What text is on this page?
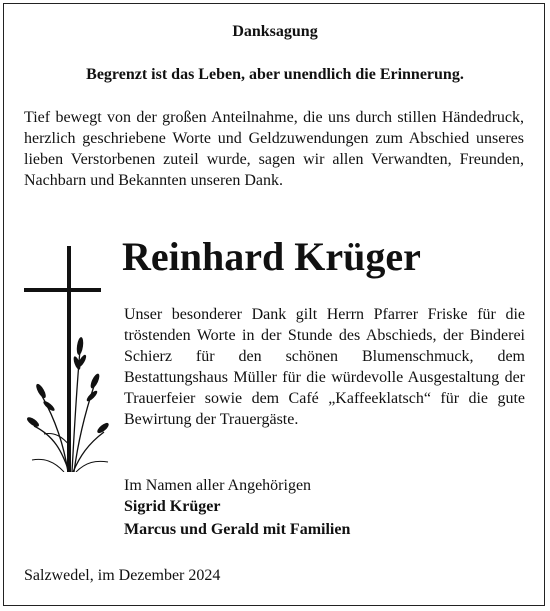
Danksagung
Begrenzt ist das Leben, aber unendlich die Erinnerung.

Tief bewegt von der großen Anteilnahme, die uns durch stillen Händedruck, herzlich geschriebene Worte und Geldzuwendungen zum Abschied unseres lieben Verstorbenen zuteil wurde, sagen wir allen Verwandten, Freunden, Nachbarn und Bekannten unseren Dank.

Reinhard Krüger

Unser besonderer Dank gilt Herrn Pfarrer Friske für die tröstenden Worte in der Stunde des Abschieds, der Binderei Schierz für den schönen Blumenschmuck, dem Bestattungshaus Müller für die würdevolle Ausgestaltung der Trauerfeier sowie dem Café „Kaffeeklatsch“ für die gute Bewirtung der Trauergäste.

Im Namen aller Angehörigen
Sigrid Krüger
Marcus und Gerald mit Familien
Salzwedel, im Dezember 2024
